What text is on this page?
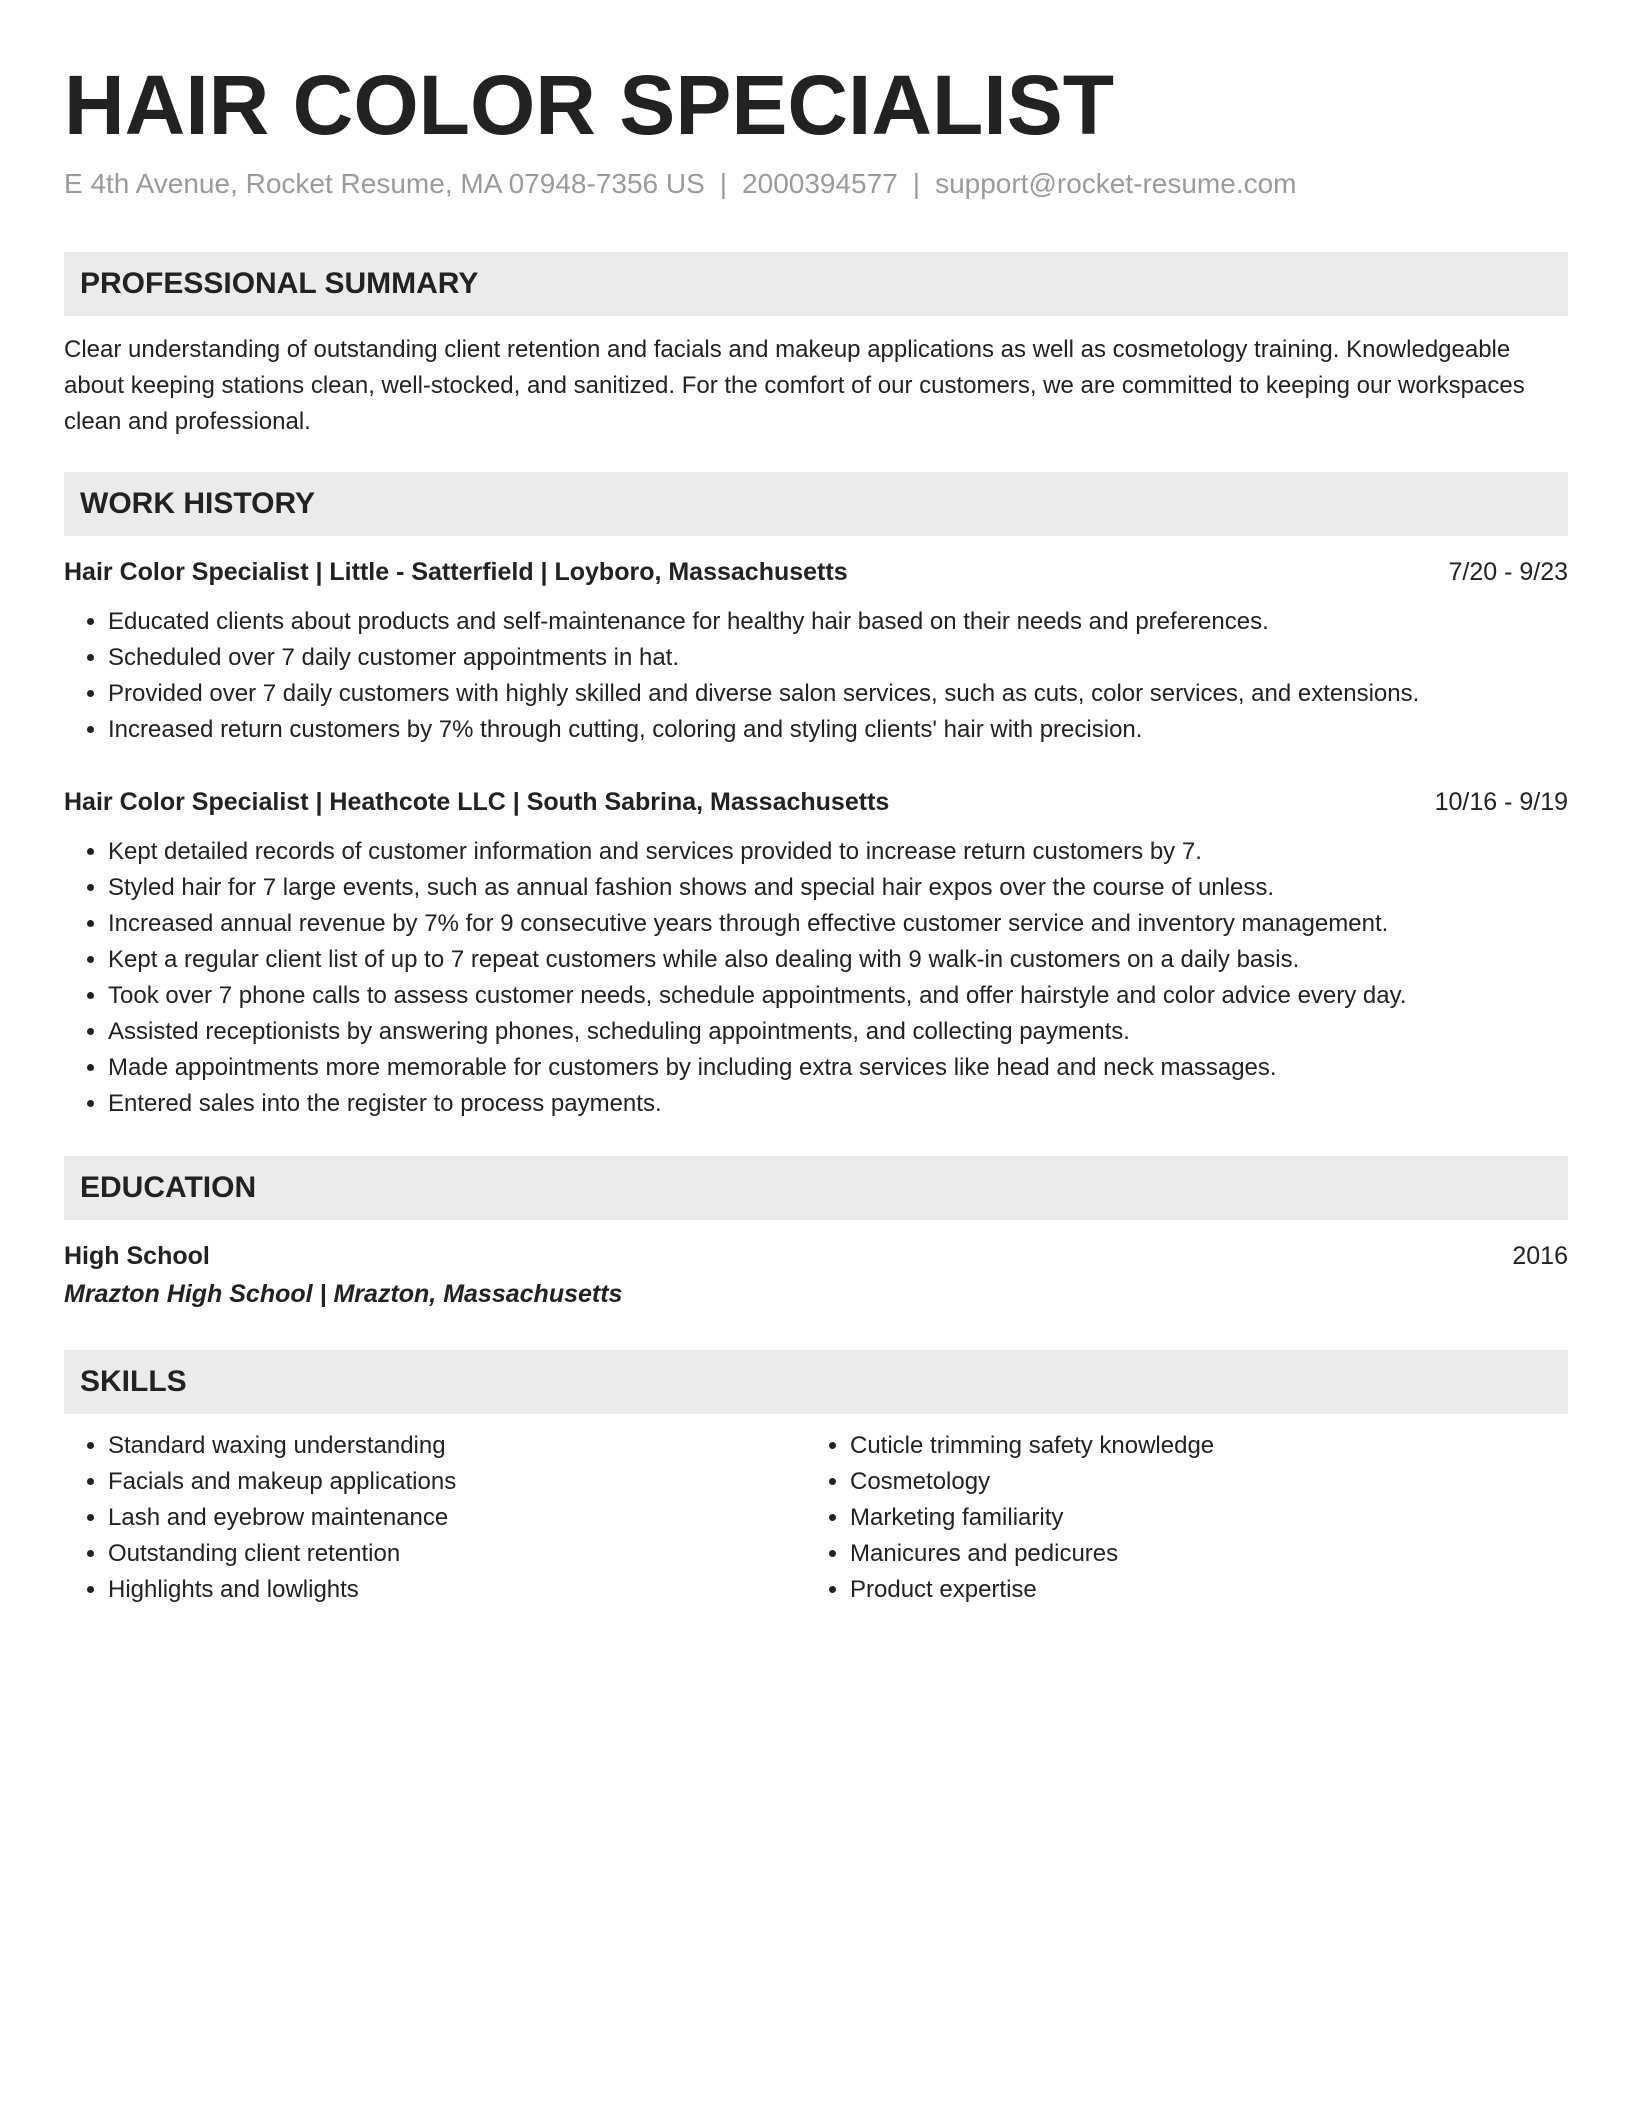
HAIR COLOR SPECIALIST
E 4th Avenue, Rocket Resume, MA 07948-7356 US | 2000394577 | support@rocket-resume.com
PROFESSIONAL SUMMARY
Clear understanding of outstanding client retention and facials and makeup applications as well as cosmetology training. Knowledgeable about keeping stations clean, well-stocked, and sanitized. For the comfort of our customers, we are committed to keeping our workspaces clean and professional.
WORK HISTORY
Hair Color Specialist | Little - Satterfield | Loyboro, Massachusetts	7/20 - 9/23
• Educated clients about products and self-maintenance for healthy hair based on their needs and preferences.
• Scheduled over 7 daily customer appointments in hat.
• Provided over 7 daily customers with highly skilled and diverse salon services, such as cuts, color services, and extensions.
• Increased return customers by 7% through cutting, coloring and styling clients' hair with precision.
Hair Color Specialist | Heathcote LLC | South Sabrina, Massachusetts	10/16 - 9/19
• Kept detailed records of customer information and services provided to increase return customers by 7.
• Styled hair for 7 large events, such as annual fashion shows and special hair expos over the course of unless.
• Increased annual revenue by 7% for 9 consecutive years through effective customer service and inventory management.
• Kept a regular client list of up to 7 repeat customers while also dealing with 9 walk-in customers on a daily basis.
• Took over 7 phone calls to assess customer needs, schedule appointments, and offer hairstyle and color advice every day.
• Assisted receptionists by answering phones, scheduling appointments, and collecting payments.
• Made appointments more memorable for customers by including extra services like head and neck massages.
• Entered sales into the register to process payments.
EDUCATION
High School	2016
Mrazton High School | Mrazton, Massachusetts
SKILLS
• Standard waxing understanding
• Facials and makeup applications
• Lash and eyebrow maintenance
• Outstanding client retention
• Highlights and lowlights
• Cuticle trimming safety knowledge
• Cosmetology
• Marketing familiarity
• Manicures and pedicures
• Product expertise
